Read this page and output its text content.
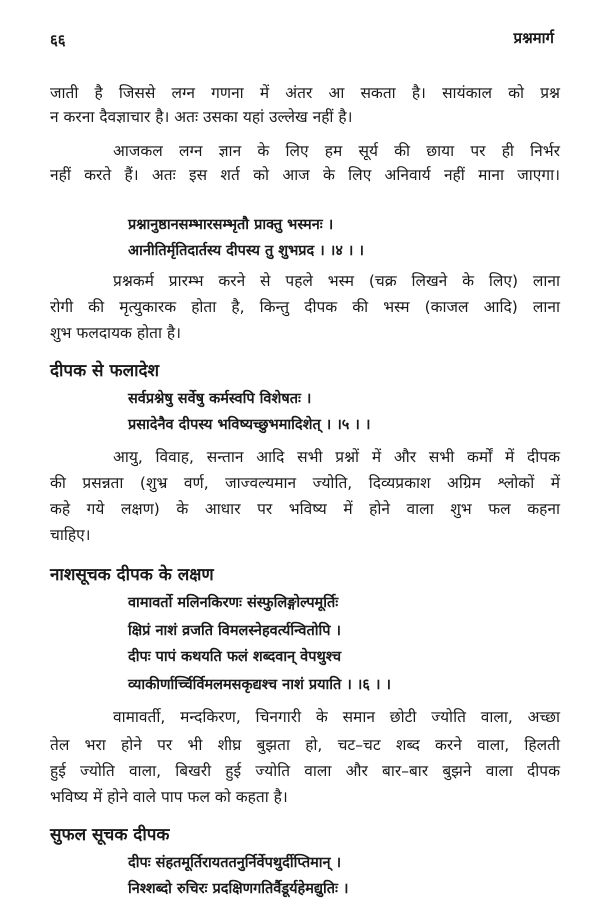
६६	प्रश्नमार्ग
जाती है जिससे लग्न गणना में अंतर आ सकता है। सायंकाल को प्रश्न
न करना दैवज्ञाचार है। अतः उसका यहां उल्लेख नहीं है।
आजकल लग्न ज्ञान के लिए हम सूर्य की छाया पर ही निर्भर
नहीं करते हैं। अतः इस शर्त को आज के लिए अनिवार्य नहीं माना जाएगा।
प्रश्नानुष्ठानसम्भारसम्भृतौ प्राक्तु भस्मनः ।
आनीतिर्मृतिदार्तस्य दीपस्य तु शुभप्रद । ।४ । ।
प्रश्नकर्म प्रारम्भ करने से पहले भस्म (चक्र लिखने के लिए) लाना
रोगी की मृत्युकारक होता है, किन्तु दीपक की भस्म (काजल आदि) लाना
शुभ फलदायक होता है।
दीपक से फलादेश
सर्वप्रश्नेषु सर्वेषु कर्मस्वपि विशेषतः ।
प्रसादेनैव दीपस्य भविष्यच्छुभमादिशेत् । ।५ । ।
आयु, विवाह, सन्तान आदि सभी प्रश्नों में और सभी कर्मों में दीपक
की प्रसन्नता (शुभ्र वर्ण, जाज्वल्यमान ज्योति, दिव्यप्रकाश अग्रिम श्लोकों में
कहे गये लक्षण) के आधार पर भविष्य में होने वाला शुभ फल कहना
चाहिए।
नाशसूचक दीपक के लक्षण
वामावर्तो मलिनकिरणः संस्फुलिङ्गोल्पमूर्तिः
क्षिप्रं नाशं व्रजति विमलस्नेहवर्त्यन्वितोपि ।
दीपः पापं कथयति फलं शब्दवान् वेपथुश्च
व्याकीर्णार्च्चिर्विमलमसकृद्यश्च नाशं प्रयाति । ।६ । ।
वामावर्ती, मन्दकिरण, चिनगारी के समान छोटी ज्योति वाला, अच्छा
तेल भरा होने पर भी शीघ्र बुझता हो, चट–चट शब्द करने वाला, हिलती
हुई ज्योति वाला, बिखरी हुई ज्योति वाला और बार–बार बुझने वाला दीपक
भविष्य में होने वाले पाप फल को कहता है।
सुफल सूचक दीपक
दीपः संहतमूर्तिरायततनुर्निर्वेपथुर्दीप्तिमान् ।
निश्शब्दो रुचिरः प्रदक्षिणगतिर्वैडूर्यहेमद्युतिः ।
